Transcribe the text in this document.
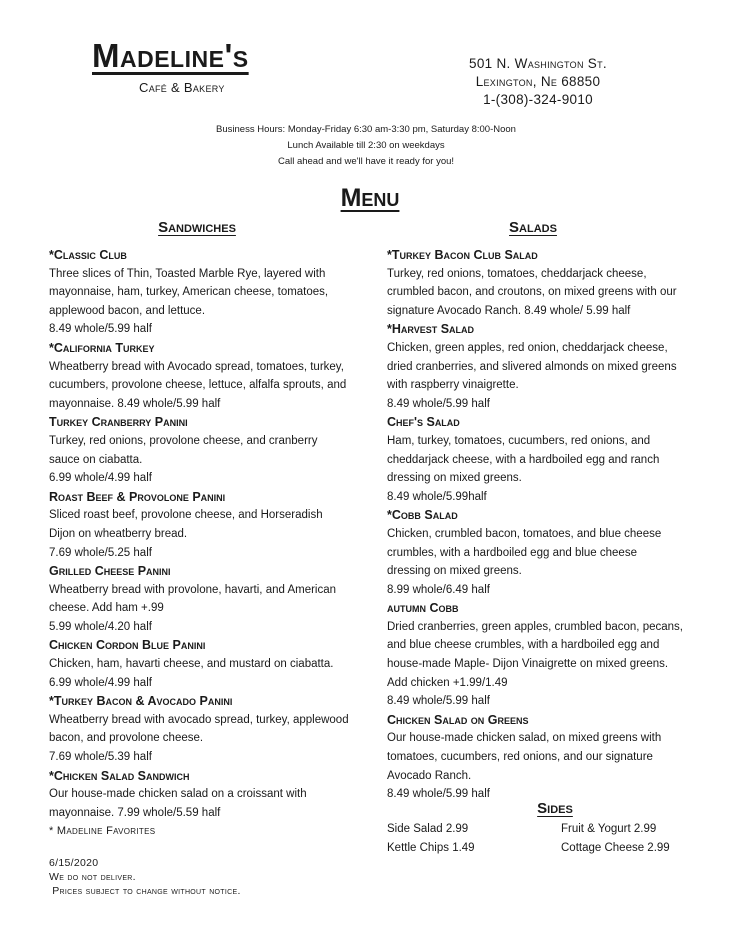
Madeline's
Café & Bakery
501 N. Washington St.
Lexington, Ne 68850
1-(308)-324-9010
Business Hours: Monday-Friday 6:30 am-3:30 pm, Saturday 8:00-Noon
Lunch Available till 2:30 on weekdays
Call ahead and we'll have it ready for you!
Menu
Sandwiches	Salads
*Classic Club
Three slices of Thin, Toasted Marble Rye, layered with mayonnaise, ham, turkey, American cheese, tomatoes, applewood bacon, and lettuce.
8.49 whole/5.99 half
*California Turkey
Wheatberry bread with Avocado spread, tomatoes, turkey, cucumbers, provolone cheese, lettuce, alfalfa sprouts, and mayonnaise. 8.49 whole/5.99 half
Turkey Cranberry Panini
Turkey, red onions, provolone cheese, and cranberry sauce on ciabatta.
6.99 whole/4.99 half
Roast Beef & Provolone Panini
Sliced roast beef, provolone cheese, and Horseradish Dijon on wheatberry bread.
7.69 whole/5.25 half
Grilled Cheese Panini
Wheatberry bread with provolone, havarti, and American cheese. Add ham +.99
5.99 whole/4.20 half
Chicken Cordon Blue Panini
Chicken, ham, havarti cheese, and mustard on ciabatta. 6.99 whole/4.99 half
*Turkey Bacon & Avocado Panini
Wheatberry bread with avocado spread, turkey, applewood bacon, and provolone cheese.
7.69 whole/5.39 half
*Chicken Salad Sandwich
Our house-made chicken salad on a croissant with mayonnaise. 7.99 whole/5.59 half
*Turkey Bacon Club Salad
Turkey, red onions, tomatoes, cheddarjack cheese, crumbled bacon, and croutons, on mixed greens with our signature Avocado Ranch. 8.49 whole/ 5.99 half
*Harvest Salad
Chicken, green apples, red onion, cheddarjack cheese, dried cranberries, and slivered almonds on mixed greens with raspberry vinaigrette.
8.49 whole/5.99 half
Chef's Salad
Ham, turkey, tomatoes, cucumbers, red onions, and cheddarjack cheese, with a hardboiled egg and ranch dressing on mixed greens.
8.49 whole/5.99half
*Cobb Salad
Chicken, crumbled bacon, tomatoes, and blue cheese crumbles, with a hardboiled egg and blue cheese dressing on mixed greens.
8.99 whole/6.49 half
autumn Cobb
Dried cranberries, green apples, crumbled bacon, pecans, and blue cheese crumbles, with a hardboiled egg and house-made Maple- Dijon Vinaigrette on mixed greens. Add chicken +1.99/1.49
8.49 whole/5.99 half
Chicken Salad on Greens
Our house-made chicken salad, on mixed greens with tomatoes, cucumbers, red onions, and our signature Avocado Ranch.
8.49 whole/5.99 half
Sides
Side Salad 2.99	Fruit & Yogurt 2.99
Kettle Chips 1.49	Cottage Cheese 2.99
* Madeline Favorites
6/15/2020
We do not deliver.
Prices subject to change without notice.
